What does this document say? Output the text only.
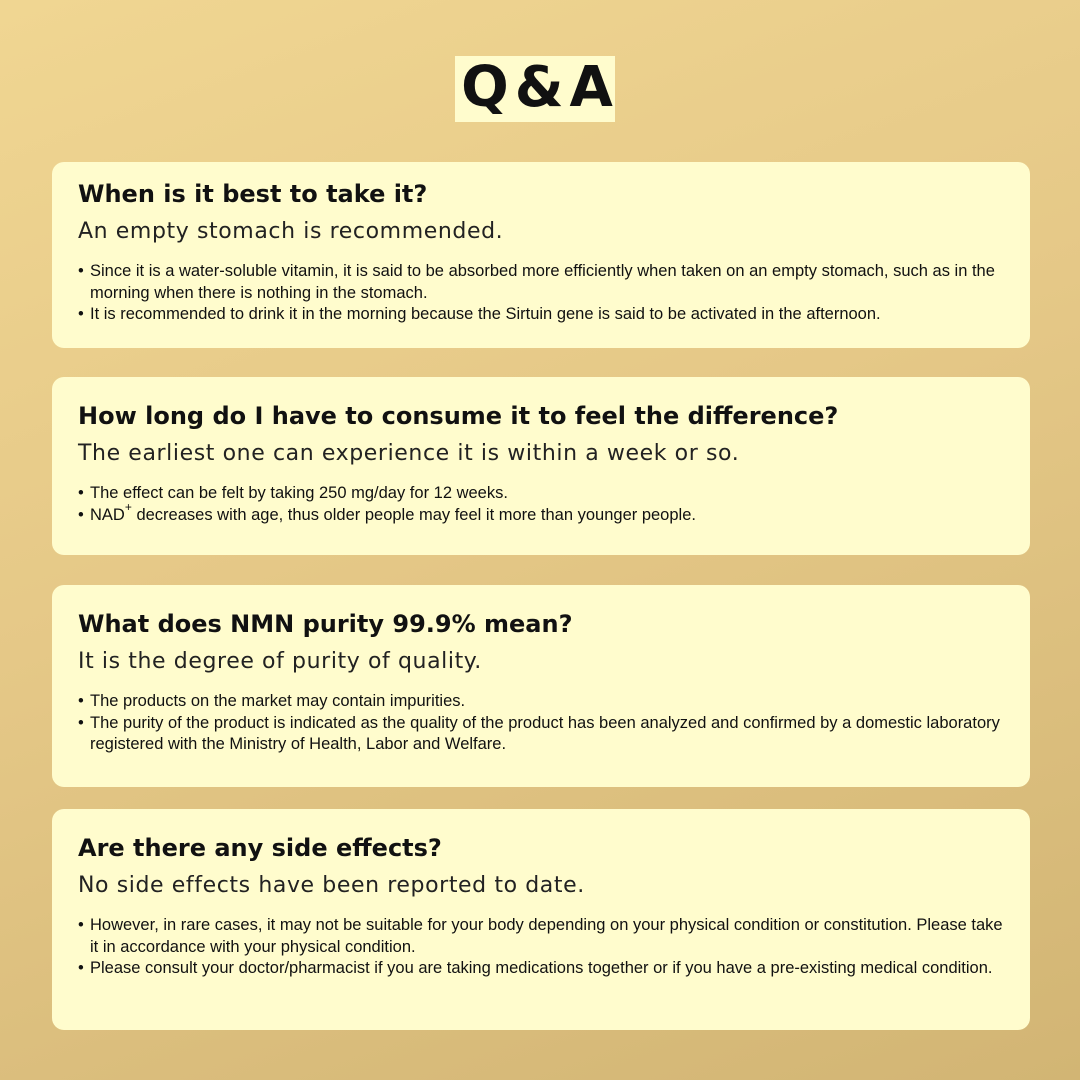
Q&A
When is it best to take it?
An empty stomach is recommended.
• Since it is a water-soluble vitamin, it is said to be absorbed more efficiently when taken on an empty stomach, such as in the morning when there is nothing in the stomach.
• It is recommended to drink it in the morning because the Sirtuin gene is said to be activated in the afternoon.
How long do I have to consume it to feel the difference?
The earliest one can experience it is within a week or so.
• The effect can be felt by taking 250 mg/day for 12 weeks.
• NAD+ decreases with age, thus older people may feel it more than younger people.
What does NMN purity 99.9% mean?
It is the degree of purity of quality.
• The products on the market may contain impurities.
• The purity of the product is indicated as the quality of the product has been analyzed and confirmed by a domestic laboratory registered with the Ministry of Health, Labor and Welfare.
Are there any side effects?
No side effects have been reported to date.
• However, in rare cases, it may not be suitable for your body depending on your physical condition or constitution. Please take it in accordance with your physical condition.
• Please consult your doctor/pharmacist if you are taking medications together or if you have a pre-existing medical condition.
